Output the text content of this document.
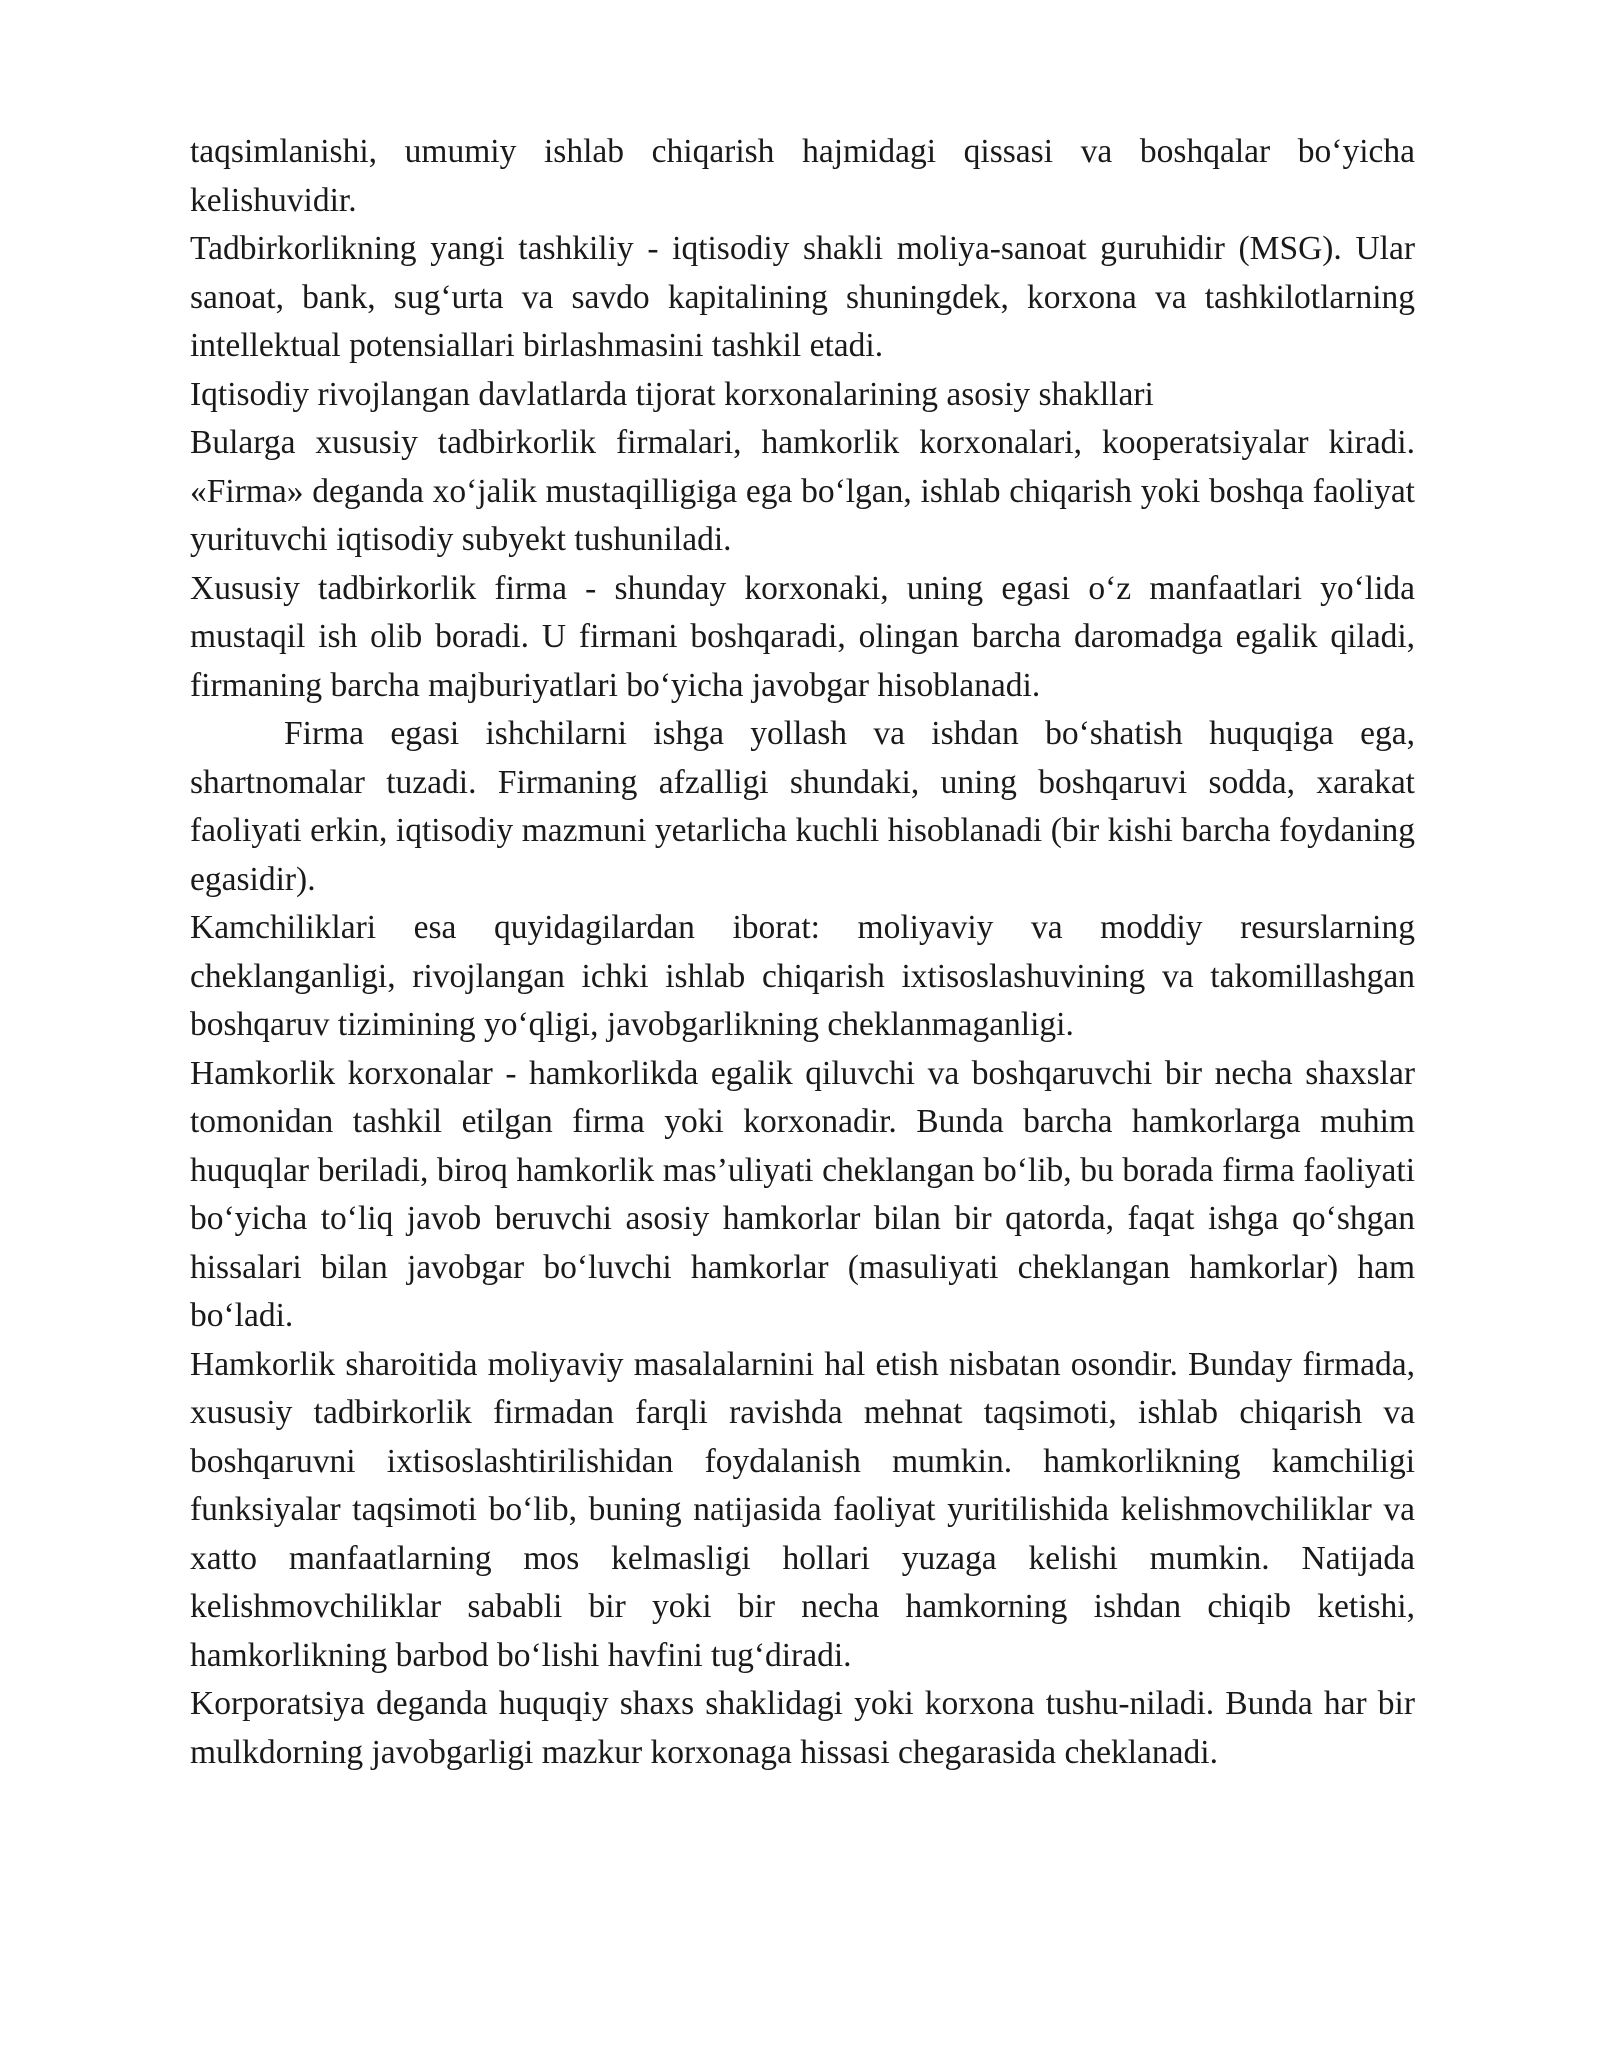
taqsimlanishi, umumiy ishlab chiqarish hajmidagi qissasi va boshqalar bo‘yicha kelishuvidir.

Tadbirkorlikning yangi tashkiliy - iqtisodiy shakli moliya-sanoat guruhidir (MSG). Ular sanoat, bank, sug‘urta va savdo kapitalining shuningdek, korxona va tashkilotlarning intellektual potensiallari birlashmasini tashkil etadi.

Iqtisodiy rivojlangan davlatlarda tijorat korxonalarining asosiy shakllari

Bularga xususiy tadbirkorlik firmalari, hamkorlik korxonalari, kooperatsiyalar kiradi. «Firma» deganda xo‘jalik mustaqilligiga ega bo‘lgan, ishlab chiqarish yoki boshqa faoliyat yurituvchi iqtisodiy subyekt tushuniladi.

Xususiy tadbirkorlik firma - shunday korxonaki, uning egasi o‘z manfaatlari yo‘lida mustaqil ish olib boradi. U firmani boshqaradi, olingan barcha daromadga egalik qiladi, firmaning barcha majburiyatlari bo‘yicha javobgar hisoblanadi.

Firma egasi ishchilarni ishga yollash va ishdan bo‘shatish huquqiga ega, shartnomalar tuzadi. Firmaning afzalligi shundaki, uning boshqaruvi sodda, xarakat faoliyati erkin, iqtisodiy mazmuni yetarlicha kuchli hisoblanadi (bir kishi barcha foydaning egasidir).

Kamchiliklari esa quyidagilardan iborat: moliyaviy va moddiy resurslarning cheklanganligi, rivojlangan ichki ishlab chiqarish ixtisoslashuvining va takomillashgan boshqaruv tizimining yo‘qligi, javobgarlikning cheklanmaganligi.

Hamkorlik korxonalar - hamkorlikda egalik qiluvchi va boshqaruvchi bir necha shaxslar tomonidan tashkil etilgan firma yoki korxonadir. Bunda barcha hamkorlarga muhim huquqlar beriladi, biroq hamkorlik mas’uliyati cheklangan bo‘lib, bu borada firma faoliyati bo‘yicha to‘liq javob beruvchi asosiy hamkorlar bilan bir qatorda, faqat ishga qo‘shgan hissalari bilan javobgar bo‘luvchi hamkorlar (masuliyati cheklangan hamkorlar) ham bo‘ladi.

Hamkorlik sharoitida moliyaviy masalalarnini hal etish nisbatan osondir. Bunday firmada, xususiy tadbirkorlik firmadan farqli ravishda mehnat taqsimoti, ishlab chiqarish va boshqaruvni ixtisoslashtirilishidan foydalanish mumkin. hamkorlikning kamchiligi funksiyalar taqsimoti bo‘lib, buning natijasida faoliyat yuritilishida kelishmovchiliklar va xatto manfaatlarning mos kelmasligi hollari yuzaga kelishi mumkin. Natijada kelishmovchiliklar sababli bir yoki bir necha hamkorning ishdan chiqib ketishi, hamkorlikning barbod bo‘lishi havfini tug‘diradi.

Korporatsiya deganda huquqiy shaxs shaklidagi yoki korxona tushu-niladi. Bunda har bir mulkdorning javobgarligi mazkur korxonaga hissasi chegarasida cheklanadi.
